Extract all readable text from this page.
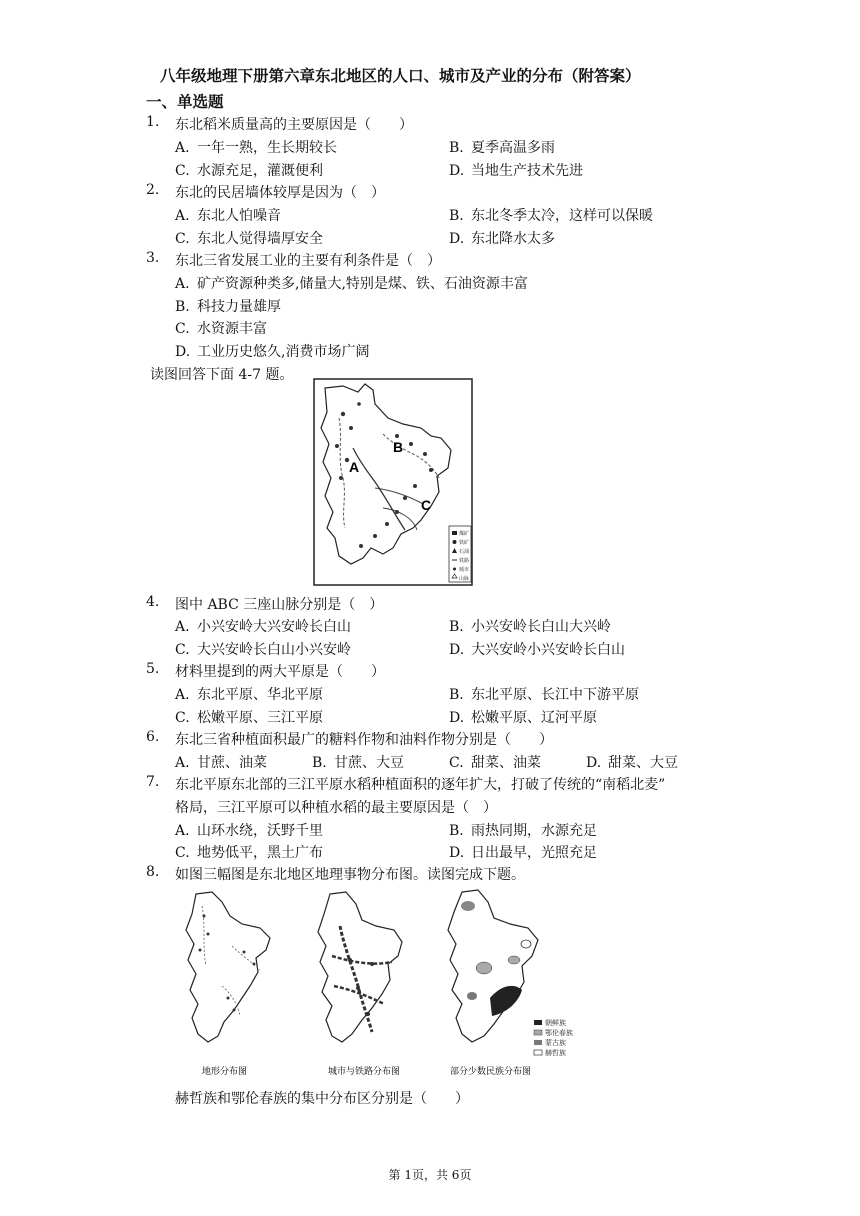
八年级地理下册第六章东北地区的人口、城市及产业的分布（附答案）
一、单选题
1. 东北稻米质量高的主要原因是（　　）
A. 一年一熟，生长期较长	B. 夏季高温多雨
C. 水源充足，灌溉便利	D. 当地生产技术先进
2. 东北的民居墙体较厚是因为（　）
A. 东北人怕噪音	B. 东北冬季太冷，这样可以保暖
C. 东北人觉得墙厚安全	D. 东北降水太多
3. 东北三省发展工业的主要有利条件是（　）
A. 矿产资源种类多,储量大,特别是煤、铁、石油资源丰富
B. 科技力量雄厚
C. 水资源丰富
D. 工业历史悠久,消费市场广阔
读图回答下面 4-7 题。
B
A
C
煤矿
铁矿
石油
铁路
城市
山脉
4. 图中 ABC 三座山脉分别是（　）
A. 小兴安岭大兴安岭长白山	B. 小兴安岭长白山大兴岭
C. 大兴安岭长白山小兴安岭	D. 大兴安岭小兴安岭长白山
5. 材料里提到的两大平原是（　　）
A. 东北平原、华北平原	B. 东北平原、长江中下游平原
C. 松嫩平原、三江平原	D. 松嫩平原、辽河平原
6. 东北三省种植面积最广的糖料作物和油料作物分别是（　　）
A. 甘蔗、油菜	B. 甘蔗、大豆	C. 甜菜、油菜	D. 甜菜、大豆
7. 东北平原东北部的三江平原水稻种植面积的逐年扩大，打破了传统的“南稻北麦”
格局，三江平原可以种植水稻的最主要原因是（　）
A. 山环水绕，沃野千里	B. 雨热同期，水源充足
C. 地势低平，黑土广布	D. 日出最早，光照充足
8. 如图三幅图是东北地区地理事物分布图。读图完成下题。
地形分布图	城市与铁路分布图
朝鲜族
鄂伦春族
蒙古族
赫哲族
部分少数民族分布图
赫哲族和鄂伦春族的集中分布区分别是（　　）
第 1页，共 6页
